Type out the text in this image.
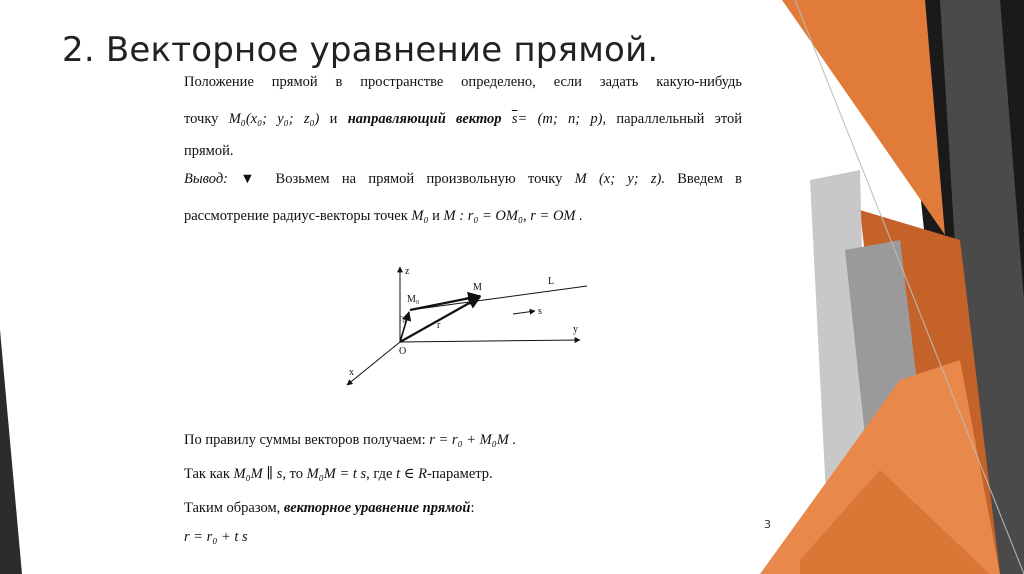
2. Векторное уравнение прямой.
Положение прямой в пространстве определено, если задать какую-нибудь
точку M₀(x₀; y₀; z₀) и направляющий вектор $\overline{s}= (m$; n; p), параллельный этой
прямой.
Вывод: ▼ Возьмем на прямой произвольную точку M (x; y; z). Введем в
рассмотрение радиус-векторы точек M₀ и M : r₀ = OM₀, r = OM .
z
y
x
O
M₀
M
L
r
r₀
s
По правилу суммы векторов получаем: r = r₀ + M₀M .
Так как M₀M ∥ s, то M₀M = t s, где t ∈ R-параметр.
Таким образом, векторное уравнение прямой:
r = r₀ + t s
3
